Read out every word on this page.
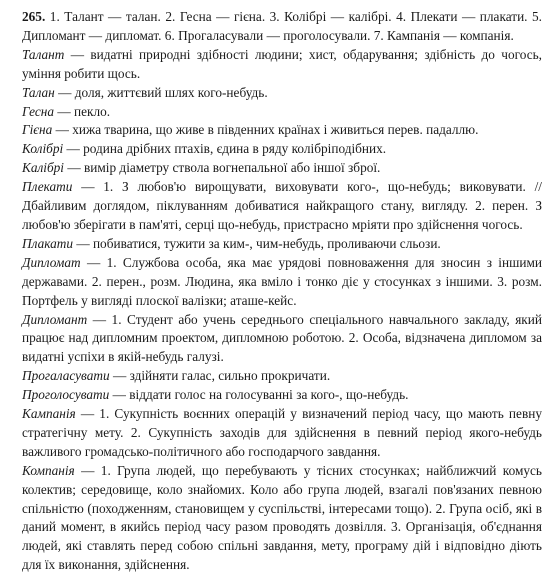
265. 1. Талант — талан. 2. Гесна — гієна. 3. Колібрі — калібрі. 4. Плекати — плакати. 5. Дипломант — дипломат. 6. Прогаласували — проголосували. 7. Кампанія — компанія.

Талант — видатні природні здібності людини; хист, обдарування; здібність до чогось, уміння робити щось.

Талан — доля, життєвий шлях кого-небудь.

Гесна — пекло.

Гієна — хижа тварина, що живе в південних країнах і живиться перев. падаллю.

Колібрі — родина дрібних птахів, єдина в ряду колібріподібних.

Калібрі — вимір діаметру ствола вогнепальної або іншої зброї.

Плекати — 1. З любов'ю вирощувати, виховувати кого-, що-небудь; виковувати. // Дбайливим доглядом, піклуванням добиватися найкращого стану, вигляду. 2. перен. З любов'ю зберігати в пам'яті, серці що-небудь, пристрасно мріяти про здійснення чогось.

Плакати — побиватися, тужити за ким-, чим-небудь, проливаючи сльози.

Дипломат — 1. Службова особа, яка має урядові повноваження для зносин з іншими державами. 2. перен., розм. Людина, яка вміло і тонко діє у стосунках з іншими. 3. розм. Портфель у вигляді плоскої валізки; аташе-кейс.

Дипломант — 1. Студент або учень середнього спеціального навчального закладу, який працює над дипломним проектом, дипломною роботою. 2. Особа, відзначена дипломом за видатні успіхи в якій-небудь галузі.

Прогаласувати — здійняти галас, сильно прокричати.

Проголосувати — віддати голос на голосуванні за кого-, що-небудь.

Кампанія — 1. Сукупність воєнних операцій у визначений період часу, що мають певну стратегічну мету. 2. Сукупність заходів для здійснення в певний період якого-небудь важливого громадсько-політичного або господарчого завдання.

Компанія — 1. Група людей, що перебувають у тісних стосунках; найближчий комусь колектив; середовище, коло знайомих. Коло або група людей, взагалі пов'язаних певною спільністю (походженням, становищем у суспільстві, інтересами тощо). 2. Група осіб, які в даний момент, в якийсь період часу разом проводять дозвілля. 3. Організація, об'єднання людей, які ставлять перед собою спільні завдання, мету, програму дій і відповідно діють для їх виконання, здійснення.
